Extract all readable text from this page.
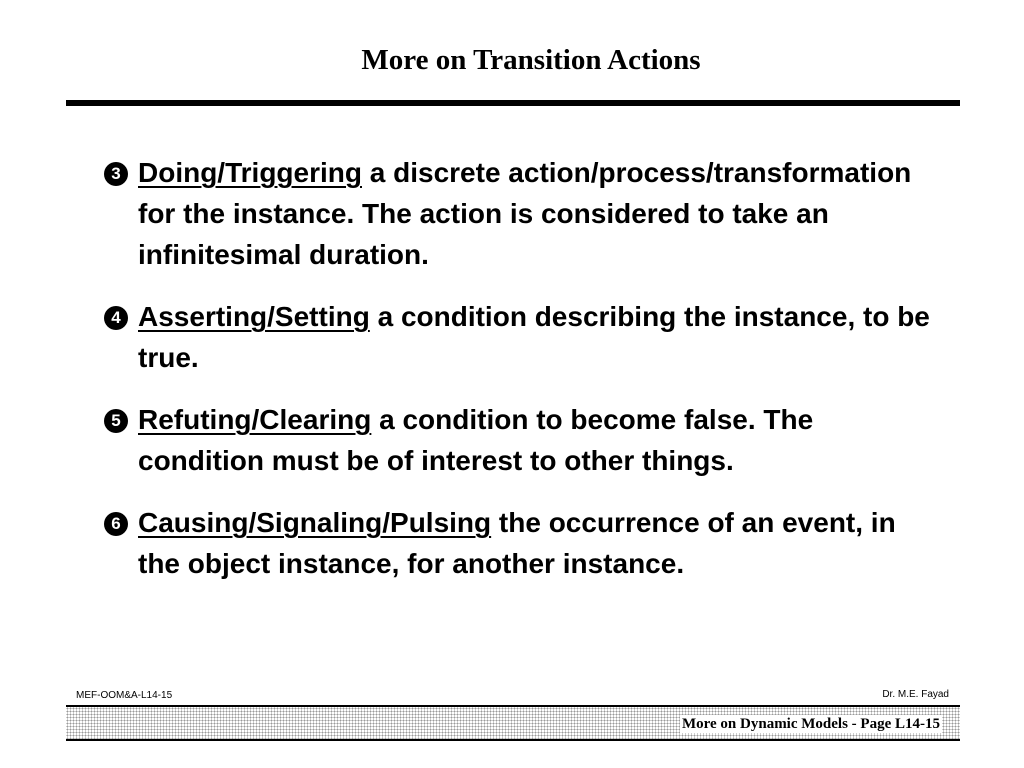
More on Transition Actions
3 Doing/Triggering a discrete action/process/transformation for the instance. The action is considered to take an infinitesimal duration.
4 Asserting/Setting a condition describing the instance, to be true.
5 Refuting/Clearing a condition to become false. The condition must be of interest to other things.
6 Causing/Signaling/Pulsing the occurrence of an event, in the object instance, for another instance.
MEF-OOM&A-L14-15	Dr. M.E. Fayad
More on Dynamic Models - Page L14-15
